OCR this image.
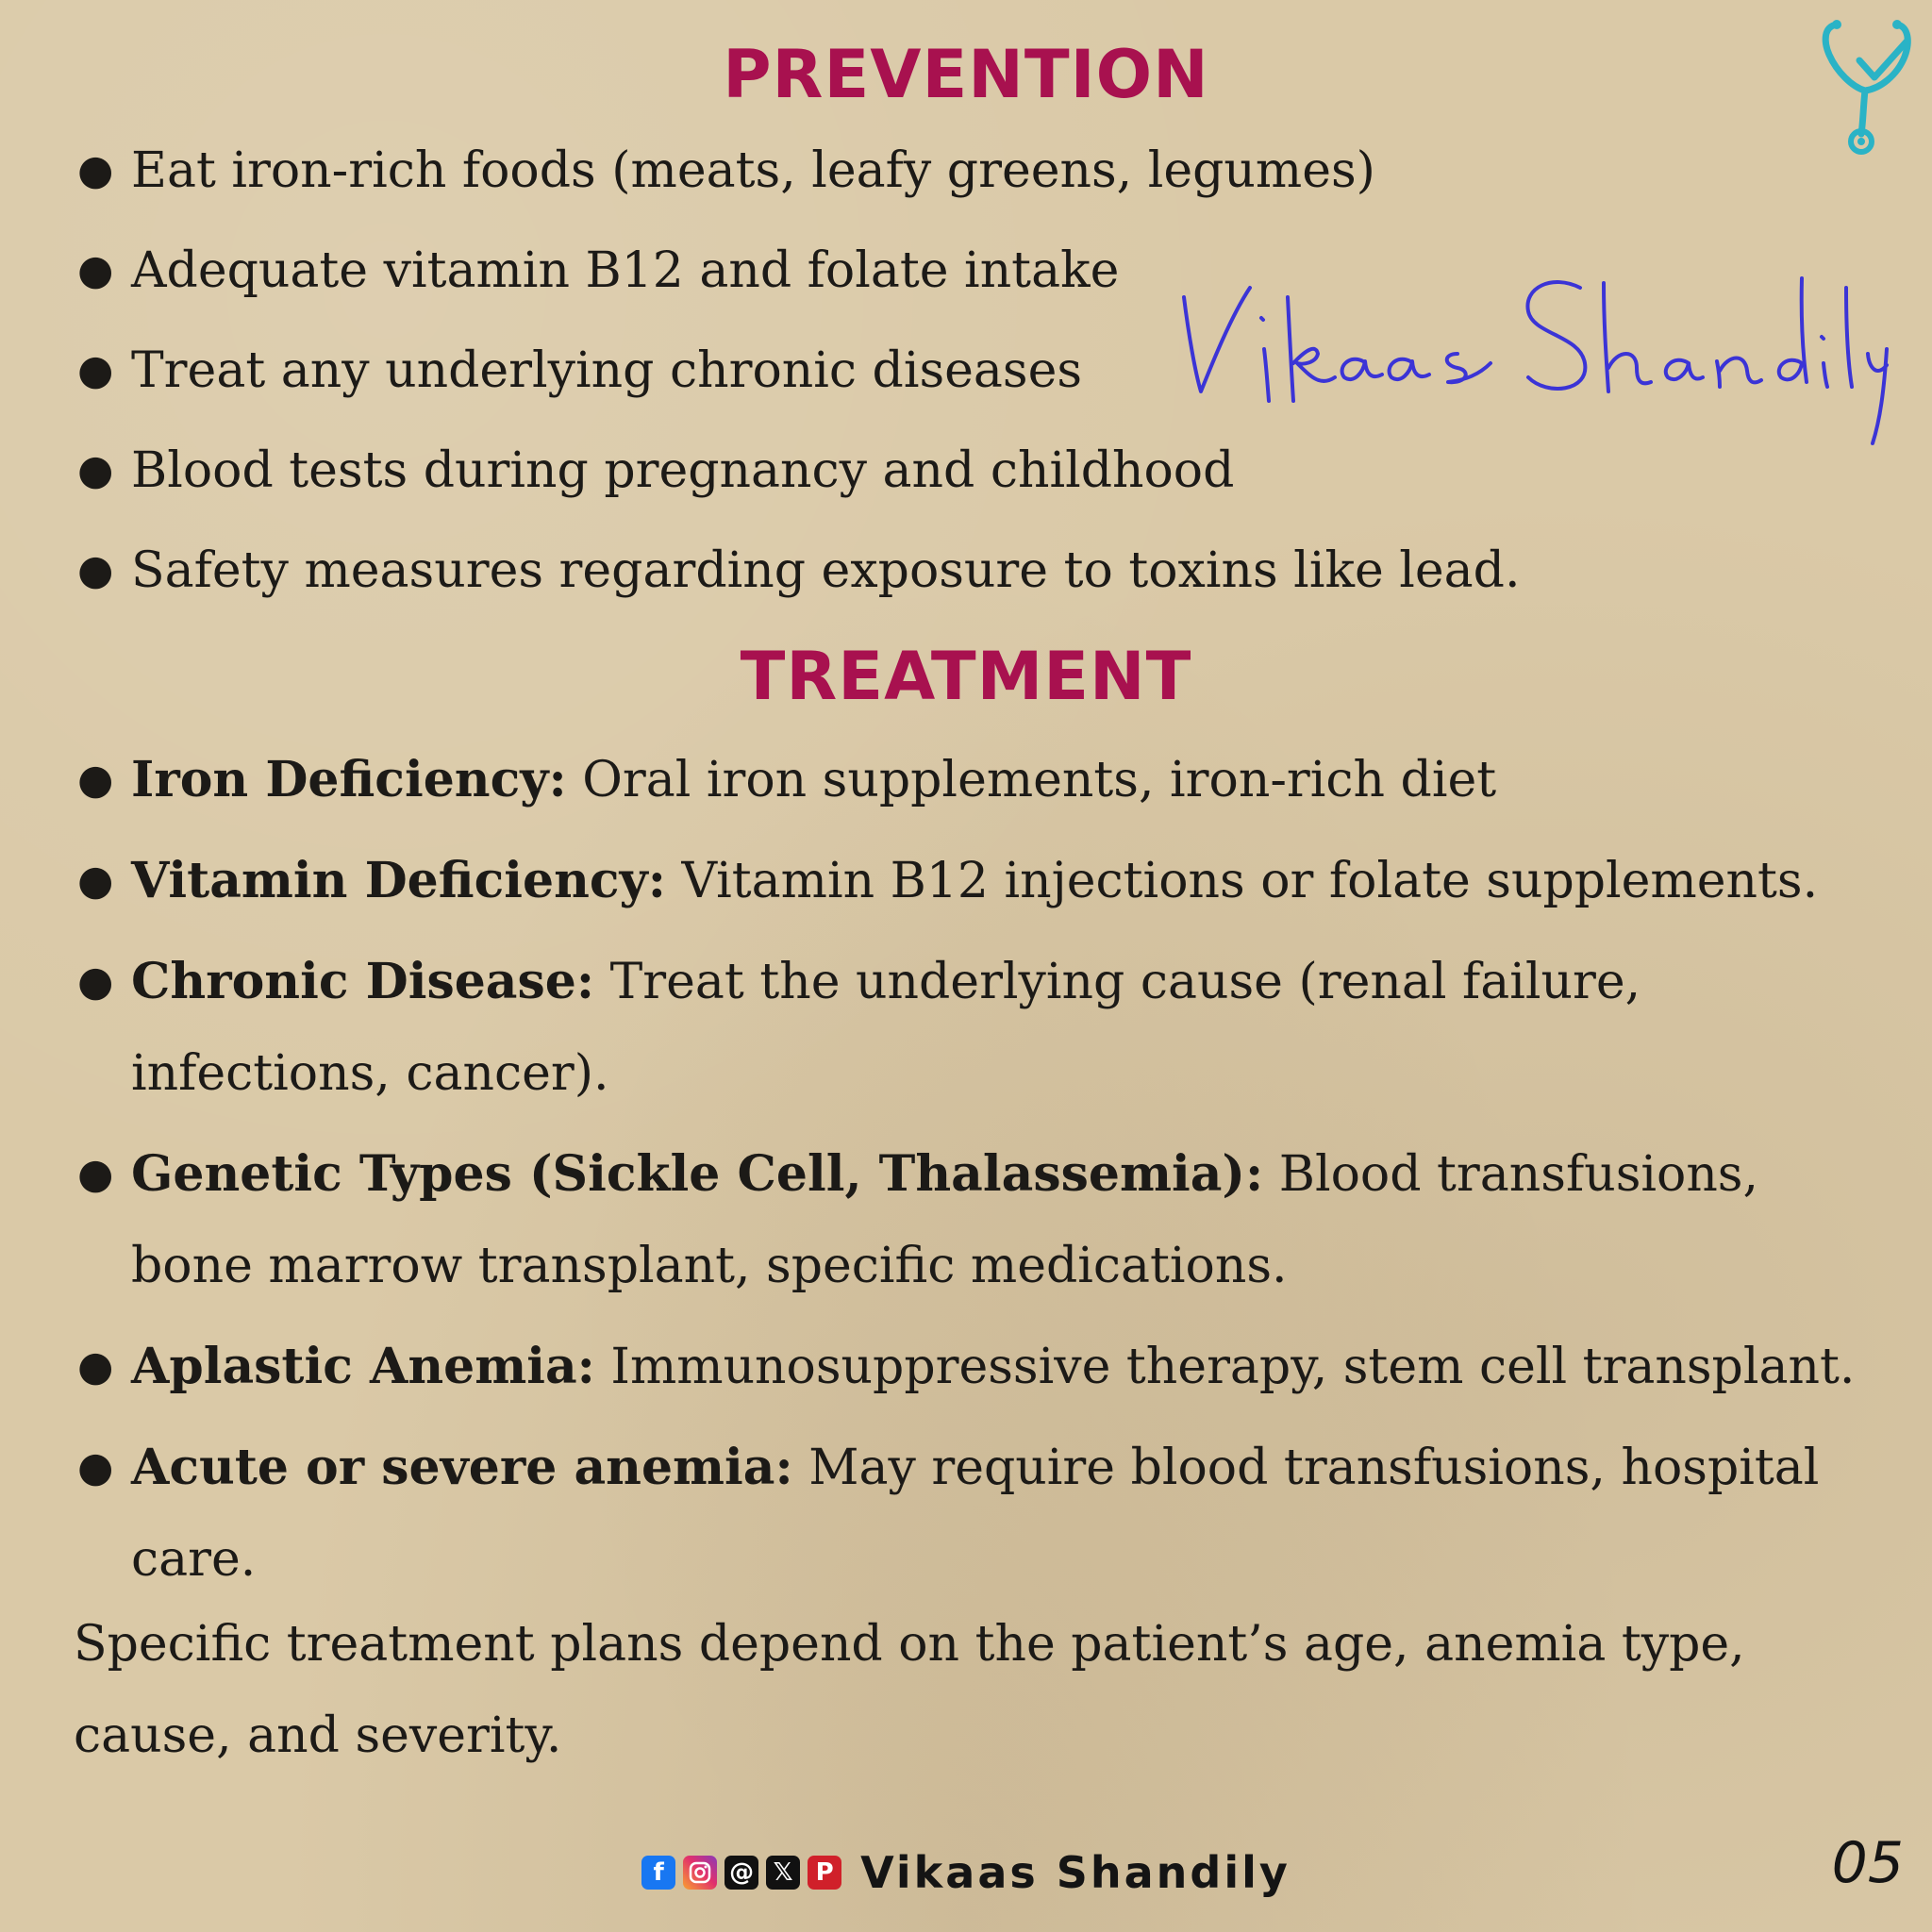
PREVENTION
● Eat iron-rich foods (meats, leafy greens, legumes)
● Adequate vitamin B12 and folate intake
● Treat any underlying chronic diseases
● Blood tests during pregnancy and childhood
● Safety measures regarding exposure to toxins like lead.
TREATMENT
● Iron Deficiency: Oral iron supplements, iron-rich diet
● Vitamin Deficiency: Vitamin B12 injections or folate supplements.
● Chronic Disease: Treat the underlying cause (renal failure, infections, cancer).
● Genetic Types (Sickle Cell, Thalassemia): Blood transfusions, bone marrow transplant, specific medications.
● Aplastic Anemia: Immunosuppressive therapy, stem cell transplant.
● Acute or severe anemia: May require blood transfusions, hospital care.

Specific treatment plans depend on the patient’s age, anemia type, cause, and severity.

f	@ 𝕏 P Vikaas Shandily	05
